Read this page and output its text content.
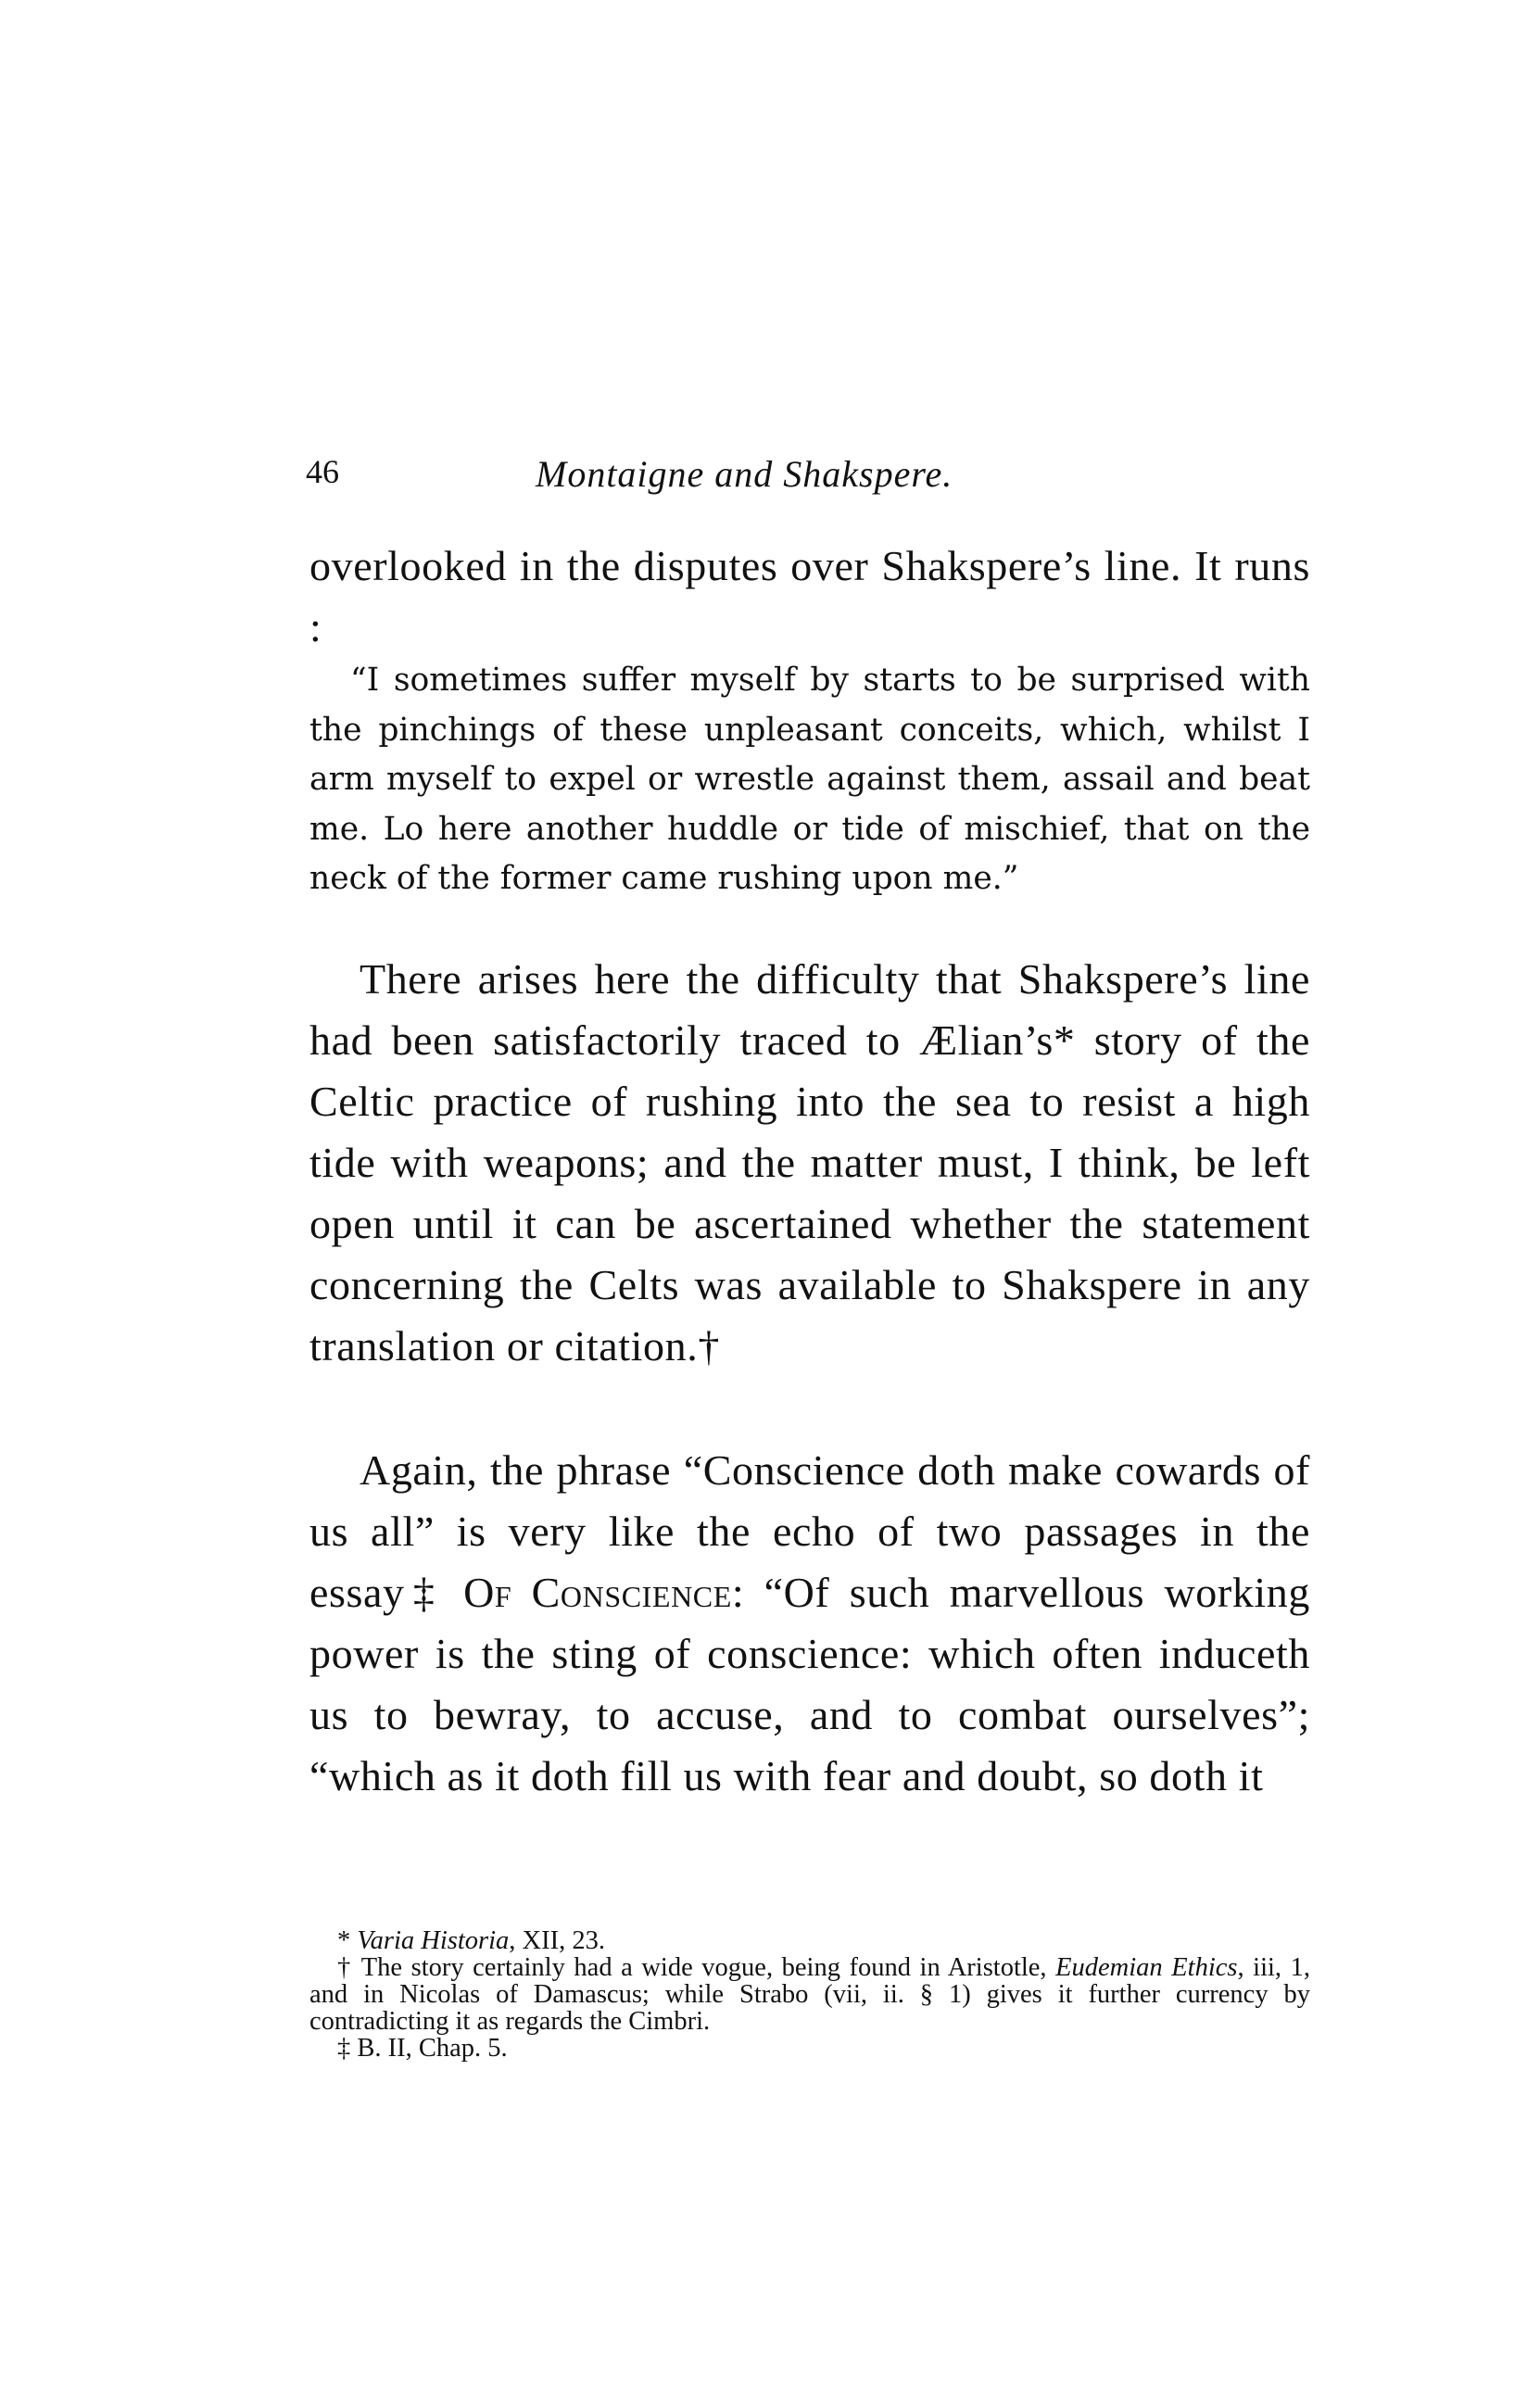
46	Montaigne and Shakspere.

overlooked in the disputes over Shakspere’s line. It runs :

“I sometimes suffer myself by starts to be surprised with the pinchings of these unpleasant conceits, which, whilst I arm myself to expel or wrestle against them, assail and beat me. Lo here another huddle or tide of mischief, that on the neck of the former came rushing upon me.”

There arises here the difficulty that Shakspere’s line had been satisfactorily traced to Ælian’s* story of the Celtic practice of rushing into the sea to resist a high tide with weapons; and the matter must, I think, be left open until it can be ascertained whether the statement concerning the Celts was available to Shakspere in any translation or citation.†

Again, the phrase “Conscience doth make cowards of us all” is very like the echo of two passages in the essay‡ Of Conscience: “Of such marvellous working power is the sting of conscience: which often induceth us to bewray, to accuse, and to combat ourselves”; “which as it doth fill us with fear and doubt, so doth it

* Varia Historia, XII, 23.

† The story certainly had a wide vogue, being found in Aristotle, Eudemian Ethics, iii, 1, and in Nicolas of Damascus; while Strabo (vii, ii. § 1) gives it further currency by contradicting it as regards the Cimbri.

‡ B. II, Chap. 5.
